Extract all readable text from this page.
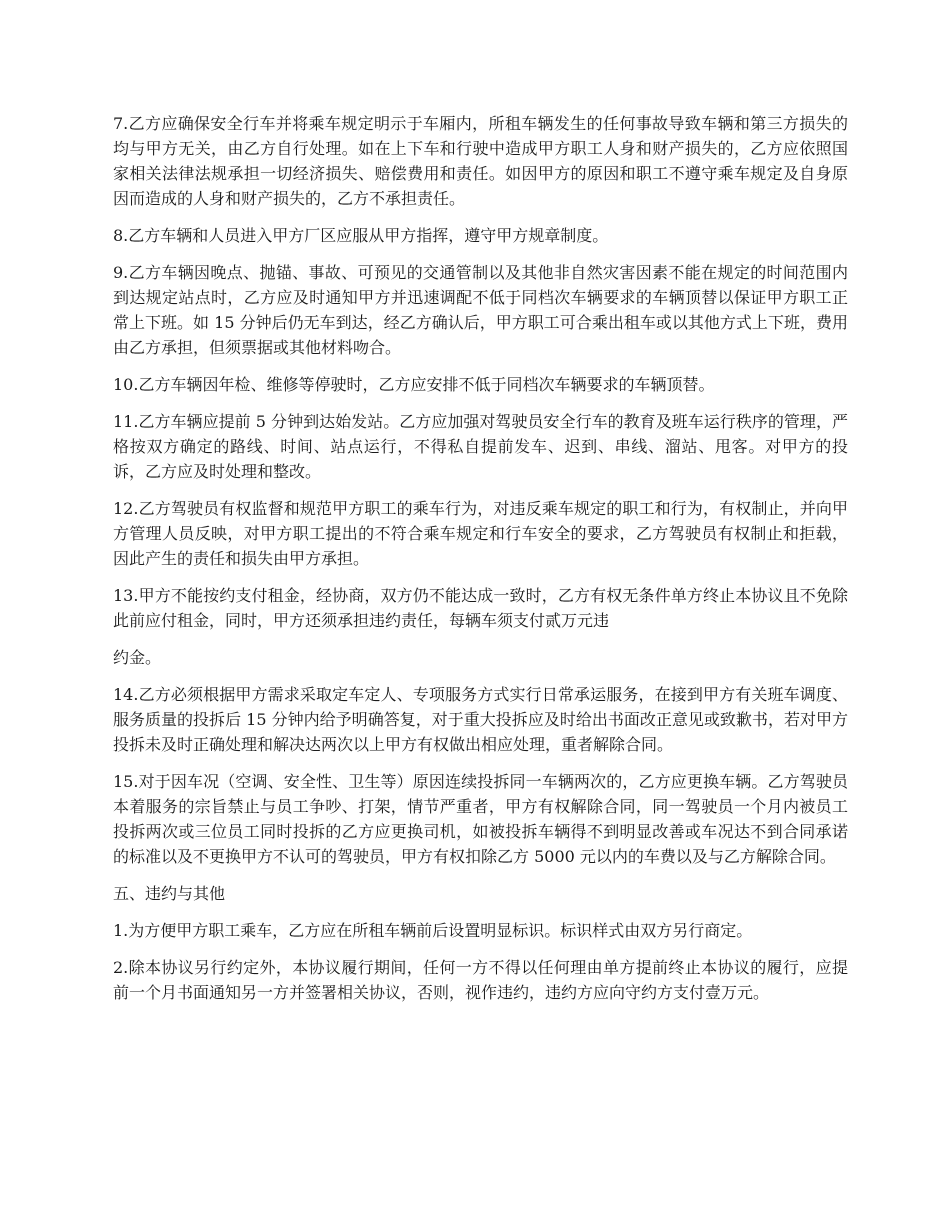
7.乙方应确保安全行车并将乘车规定明示于车厢内，所租车辆发生的任何事故导致车辆和第三方损失的均与甲方无关，由乙方自行处理。如在上下车和行驶中造成甲方职工人身和财产损失的，乙方应依照国家相关法律法规承担一切经济损失、赔偿费用和责任。如因甲方的原因和职工不遵守乘车规定及自身原因而造成的人身和财产损失的，乙方不承担责任。

8.乙方车辆和人员进入甲方厂区应服从甲方指挥，遵守甲方规章制度。

9.乙方车辆因晚点、抛锚、事故、可预见的交通管制以及其他非自然灾害因素不能在规定的时间范围内到达规定站点时，乙方应及时通知甲方并迅速调配不低于同档次车辆要求的车辆顶替以保证甲方职工正常上下班。如 15 分钟后仍无车到达，经乙方确认后，甲方职工可合乘出租车或以其他方式上下班，费用由乙方承担，但须票据或其他材料吻合。

10.乙方车辆因年检、维修等停驶时，乙方应安排不低于同档次车辆要求的车辆顶替。

11.乙方车辆应提前 5 分钟到达始发站。乙方应加强对驾驶员安全行车的教育及班车运行秩序的管理，严格按双方确定的路线、时间、站点运行，不得私自提前发车、迟到、串线、溜站、甩客。对甲方的投诉，乙方应及时处理和整改。

12.乙方驾驶员有权监督和规范甲方职工的乘车行为，对违反乘车规定的职工和行为，有权制止，并向甲方管理人员反映，对甲方职工提出的不符合乘车规定和行车安全的要求，乙方驾驶员有权制止和拒载，因此产生的责任和损失由甲方承担。

13.甲方不能按约支付租金，经协商，双方仍不能达成一致时，乙方有权无条件单方终止本协议且不免除此前应付租金，同时，甲方还须承担违约责任，每辆车须支付贰万元违

约金。

14.乙方必须根据甲方需求采取定车定人、专项服务方式实行日常承运服务，在接到甲方有关班车调度、服务质量的投拆后 15 分钟内给予明确答复，对于重大投拆应及时给出书面改正意见或致歉书，若对甲方投拆未及时正确处理和解决达两次以上甲方有权做出相应处理，重者解除合同。

15.对于因车况（空调、安全性、卫生等）原因连续投拆同一车辆两次的，乙方应更换车辆。乙方驾驶员本着服务的宗旨禁止与员工争吵、打架，情节严重者，甲方有权解除合同，同一驾驶员一个月内被员工投拆两次或三位员工同时投拆的乙方应更换司机，如被投拆车辆得不到明显改善或车况达不到合同承诺的标准以及不更换甲方不认可的驾驶员，甲方有权扣除乙方 5000 元以内的车费以及与乙方解除合同。

五、违约与其他

1.为方便甲方职工乘车，乙方应在所租车辆前后设置明显标识。标识样式由双方另行商定。

2.除本协议另行约定外，本协议履行期间，任何一方不得以任何理由单方提前终止本协议的履行，应提前一个月书面通知另一方并签署相关协议，否则，视作违约，违约方应向守约方支付壹万元。
